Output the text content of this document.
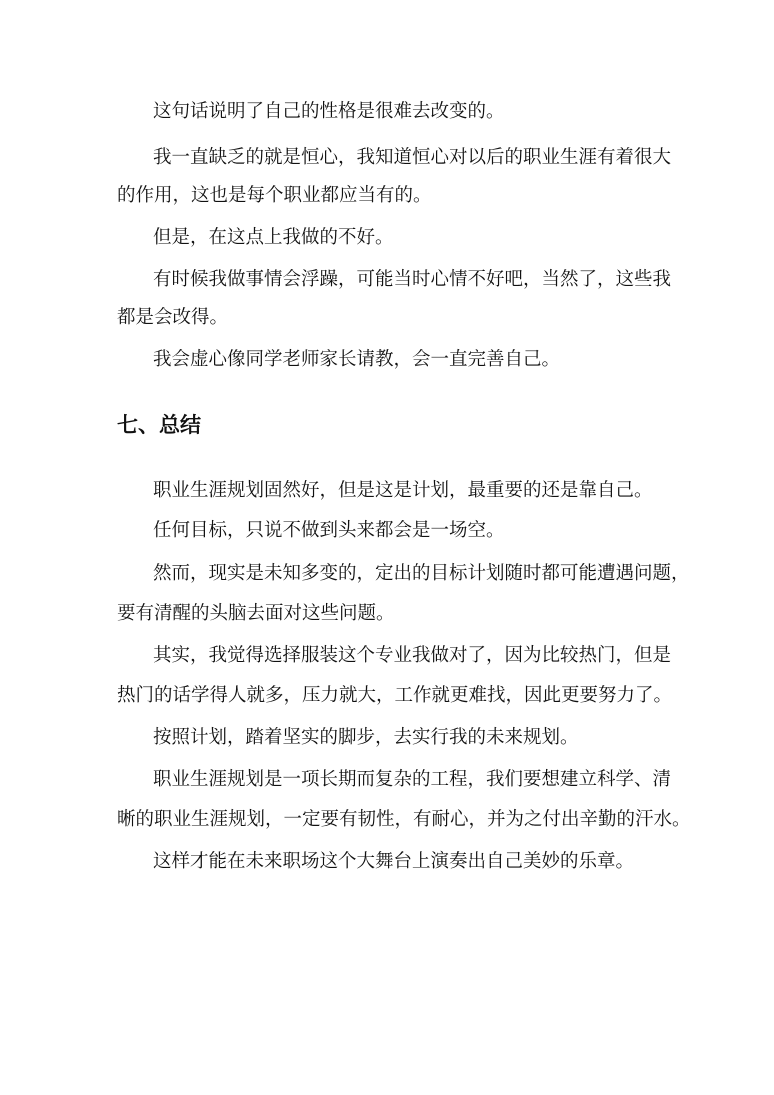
这句话说明了自己的性格是很难去改变的。

我一直缺乏的就是恒心，我知道恒心对以后的职业生涯有着很大

的作用，这也是每个职业都应当有的。

但是，在这点上我做的不好。

有时候我做事情会浮躁，可能当时心情不好吧，当然了，这些我

都是会改得。

我会虚心像同学老师家长请教，会一直完善自己。

七、总结

职业生涯规划固然好，但是这是计划，最重要的还是靠自己。

任何目标，只说不做到头来都会是一场空。

然而，现实是未知多变的，定出的目标计划随时都可能遭遇问题，

要有清醒的头脑去面对这些问题。

其实，我觉得选择服装这个专业我做对了，因为比较热门，但是

热门的话学得人就多，压力就大，工作就更难找，因此更要努力了。

按照计划，踏着坚实的脚步，去实行我的未来规划。

职业生涯规划是一项长期而复杂的工程，我们要想建立科学、清

晰的职业生涯规划，一定要有韧性，有耐心，并为之付出辛勤的汗水。

这样才能在未来职场这个大舞台上演奏出自己美妙的乐章。
